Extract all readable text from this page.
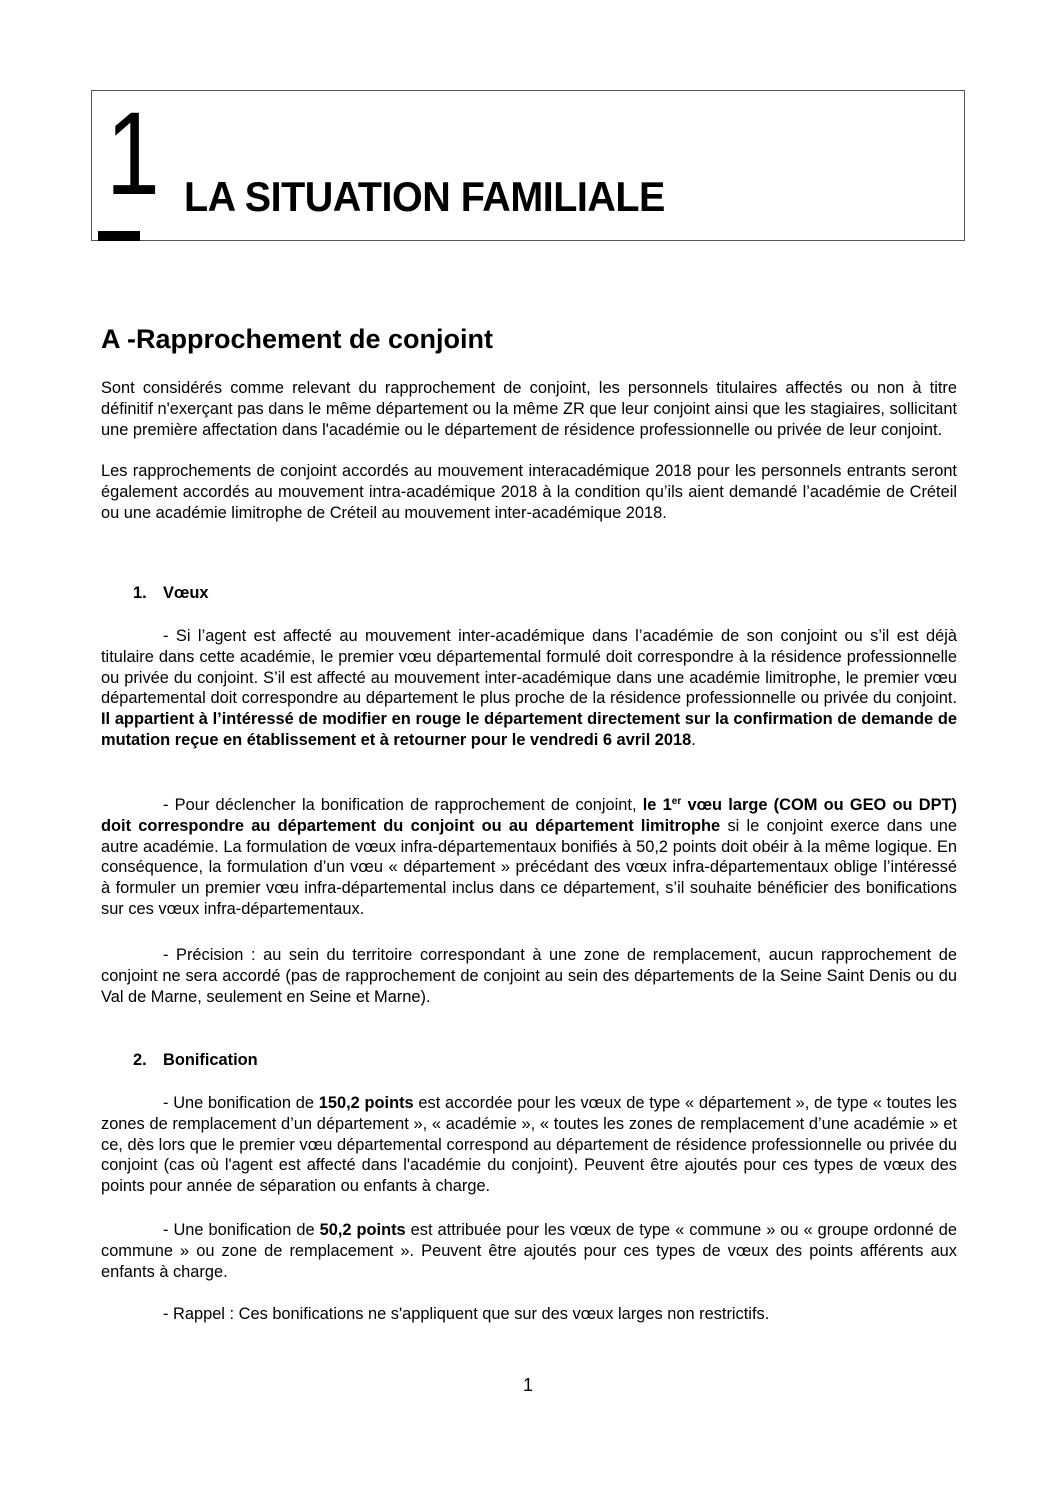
1 LA SITUATION FAMILIALE
A -Rapprochement de conjoint
Sont considérés comme relevant du rapprochement de conjoint, les personnels titulaires affectés ou non à titre définitif n'exerçant pas dans le même département ou la même ZR que leur conjoint ainsi que les stagiaires, sollicitant une première affectation dans l'académie ou le département de résidence professionnelle ou privée de leur conjoint.
Les rapprochements de conjoint accordés au mouvement interacadémique 2018 pour les personnels entrants seront également accordés au mouvement intra-académique 2018 à la condition qu’ils aient demandé l’académie de Créteil ou une académie limitrophe de Créteil au mouvement inter-académique 2018.
1. Vœux
- Si l’agent est affecté au mouvement inter-académique dans l’académie de son conjoint ou s’il est déjà titulaire dans cette académie, le premier vœu départemental formulé doit correspondre à la résidence professionnelle ou privée du conjoint. S’il est affecté au mouvement inter-académique dans une académie limitrophe, le premier vœu départemental doit correspondre au département le plus proche de la résidence professionnelle ou privée du conjoint. Il appartient à l’intéressé de modifier en rouge le département directement sur la confirmation de demande de mutation reçue en établissement et à retourner pour le vendredi 6 avril 2018.
- Pour déclencher la bonification de rapprochement de conjoint, le 1er vœu large (COM ou GEO ou DPT) doit correspondre au département du conjoint ou au département limitrophe si le conjoint exerce dans une autre académie. La formulation de vœux infra-départementaux bonifiés à 50,2 points doit obéir à la même logique. En conséquence, la formulation d’un vœu « département » précédant des vœux infra-départementaux oblige l’intéressé à formuler un premier vœu infra-départemental inclus dans ce département, s’il souhaite bénéficier des bonifications sur ces vœux infra-départementaux.
- Précision : au sein du territoire correspondant à une zone de remplacement, aucun rapprochement de conjoint ne sera accordé (pas de rapprochement de conjoint au sein des départements de la Seine Saint Denis ou du Val de Marne, seulement en Seine et Marne).
2. Bonification
- Une bonification de 150,2 points est accordée pour les vœux de type « département », de type « toutes les zones de remplacement d’un département », « académie », « toutes les zones de remplacement d’une académie » et ce, dès lors que le premier vœu départemental correspond au département de résidence professionnelle ou privée du conjoint (cas où l'agent est affecté dans l'académie du conjoint). Peuvent être ajoutés pour ces types de vœux des points pour année de séparation ou enfants à charge.
- Une bonification de 50,2 points est attribuée pour les vœux de type « commune » ou « groupe ordonné de commune » ou zone de remplacement ». Peuvent être ajoutés pour ces types de vœux des points afférents aux enfants à charge.
- Rappel : Ces bonifications ne s'appliquent que sur des vœux larges non restrictifs.
1
